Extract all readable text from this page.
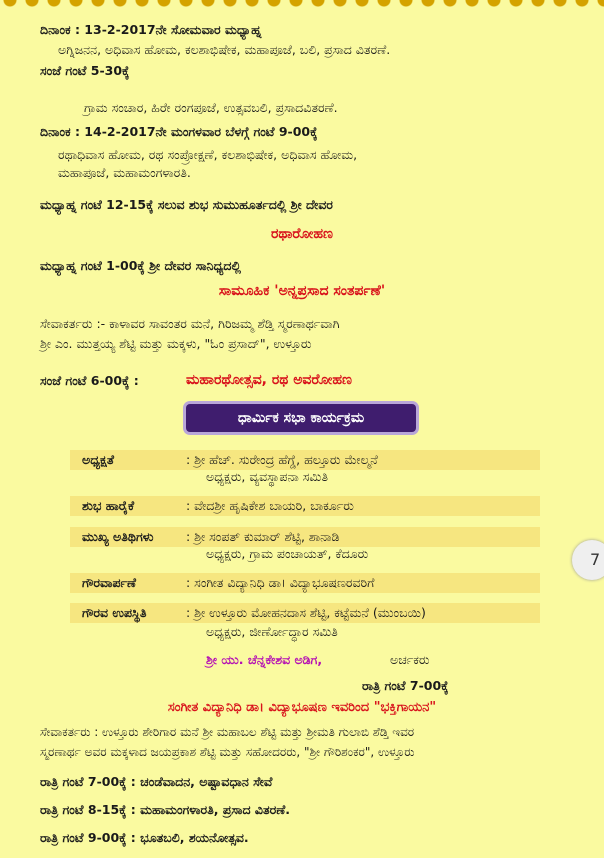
ದಿನಾಂಕ : 13-2-2017ನೇ ಸೋಮವಾರ ಮಧ್ಯಾಹ್ನ
ಅಗ್ನಿಜನನ, ಅಧಿವಾಸ ಹೋಮ, ಕಲಶಾಭಿಷೇಕ, ಮಹಾಪೂಜೆ, ಬಲಿ, ಪ್ರಸಾದ ವಿತರಣೆ.
ಸಂಜೆ ಗಂಟೆ 5-30ಕ್ಕೆ
ಗ್ರಾಮ ಸಂಚಾರ, ಹಿರೇ ರಂಗಪೂಜೆ, ಉತ್ಸವಬಲಿ, ಪ್ರಸಾದವಿತರಣೆ.
ದಿನಾಂಕ : 14-2-2017ನೇ ಮಂಗಳವಾರ ಬೆಳಗ್ಗೆ ಗಂಟೆ 9-00ಕ್ಕೆ
ರಥಾಧಿವಾಸ ಹೋಮ, ರಥ ಸಂಪ್ರೋಕ್ಷಣೆ, ಕಲಶಾಭಿಷೇಕ, ಅಧಿವಾಸ ಹೋಮ,
ಮಹಾಪೂಜೆ, ಮಹಾಮಂಗಳಾರತಿ.
ಮಧ್ಯಾಹ್ನ ಗಂಟೆ 12-15ಕ್ಕೆ ಸಲುವ ಶುಭ ಸುಮುಹೂರ್ತದಲ್ಲಿ ಶ್ರೀ ದೇವರ
ರಥಾರೋಹಣ
ಮಧ್ಯಾಹ್ನ ಗಂಟೆ 1-00ಕ್ಕೆ ಶ್ರೀ ದೇವರ ಸಾನಿಧ್ಯದಲ್ಲಿ
ಸಾಮೂಹಿಕ 'ಅನ್ನಪ್ರಸಾದ ಸಂತರ್ಪಣೆ'
ಸೇವಾಕರ್ತರು :- ಕಾಳಾವರ ಸಾವಂತರ ಮನೆ, ಗಿರಿಜಮ್ಮ ಶೆಡ್ತಿ ಸ್ಮರಣಾರ್ಥವಾಗಿ
ಶ್ರೀ ಎಂ. ಮುತ್ತಯ್ಯ ಶೆಟ್ಟಿ ಮತ್ತು ಮಕ್ಕಳು, "ಓಂ ಪ್ರಸಾದ್", ಉಳ್ತೂರು
ಸಂಜೆ ಗಂಟೆ 6-00ಕ್ಕೆ :	ಮಹಾರಥೋತ್ಸವ, ರಥ ಅವರೋಹಣ
ಧಾರ್ಮಿಕ ಸಭಾ ಕಾರ್ಯಕ್ರಮ
ಅಧ್ಯಕ್ಷತೆ	: ಶ್ರೀ ಹೆಚ್. ಸುರೇಂದ್ರ ಹೆಗ್ಡೆ, ಹಲ್ತೂರು ಮೇಲ್ಮನೆ
ಅಧ್ಯಕ್ಷರು, ವ್ಯವಸ್ಥಾಪನಾ ಸಮಿತಿ
ಶುಭ ಹಾರೈಕೆ	: ವೇದಶ್ರೀ ಹೃಷಿಕೇಶ ಬಾಯರಿ, ಬಾರ್ಕೂರು
ಮುಖ್ಯ ಅತಿಥಿಗಳು	: ಶ್ರೀ ಸಂಪತ್ ಕುಮಾರ್ ಶೆಟ್ಟಿ, ಶಾನಾಡಿ
ಅಧ್ಯಕ್ಷರು, ಗ್ರಾಮ ಪಂಚಾಯತ್, ಕೆದೂರು
ಗೌರವಾರ್ಪಣೆ	: ಸಂಗೀತ ವಿದ್ಯಾನಿಧಿ ಡಾ। ವಿದ್ಯಾಭೂಷಣರವರಿಗೆ
ಗೌರವ ಉಪಸ್ಥಿತಿ	: ಶ್ರೀ ಉಳ್ತೂರು ಮೋಹನದಾಸ ಶೆಟ್ಟಿ, ಕಟ್ಟೆಮನೆ (ಮುಂಬಯಿ)
ಅಧ್ಯಕ್ಷರು, ಜೀರ್ಣೋದ್ಧಾರ ಸಮಿತಿ
ಶ್ರೀ ಯು. ಚೆನ್ನಕೇಶವ ಅಡಿಗ,	ಅರ್ಚಕರು
ರಾತ್ರಿ ಗಂಟೆ 7-00ಕ್ಕೆ
ಸಂಗೀತ ವಿದ್ಯಾನಿಧಿ ಡಾ। ವಿದ್ಯಾಭೂಷಣ ಇವರಿಂದ "ಭಕ್ತಿಗಾಯನ"
ಸೇವಾಕರ್ತರು : ಉಳ್ತೂರು ಶೇರಿಗಾರ ಮನೆ ಶ್ರೀ ಮಹಾಬಲ ಶೆಟ್ಟಿ ಮತ್ತು ಶ್ರೀಮತಿ ಗುಲಾಬಿ ಶೆಡ್ತಿ ಇವರ
ಸ್ಮರಣಾರ್ಥ ಅವರ ಮಕ್ಕಳಾದ ಜಯಪ್ರಕಾಶ ಶೆಟ್ಟಿ ಮತ್ತು ಸಹೋದರರು, "ಶ್ರೀ ಗೌರಿಶಂಕರ", ಉಳ್ತೂರು
ರಾತ್ರಿ ಗಂಟೆ 7-00ಕ್ಕೆ : ಚಂಡೆವಾದನ, ಅಷ್ಟಾವಧಾನ ಸೇವೆ
ರಾತ್ರಿ ಗಂಟೆ 8-15ಕ್ಕೆ : ಮಹಾಮಂಗಳಾರತಿ, ಪ್ರಸಾದ ವಿತರಣೆ.
ರಾತ್ರಿ ಗಂಟೆ 9-00ಕ್ಕೆ : ಭೂತಬಲಿ, ಶಯನೋತ್ಸವ.
7
